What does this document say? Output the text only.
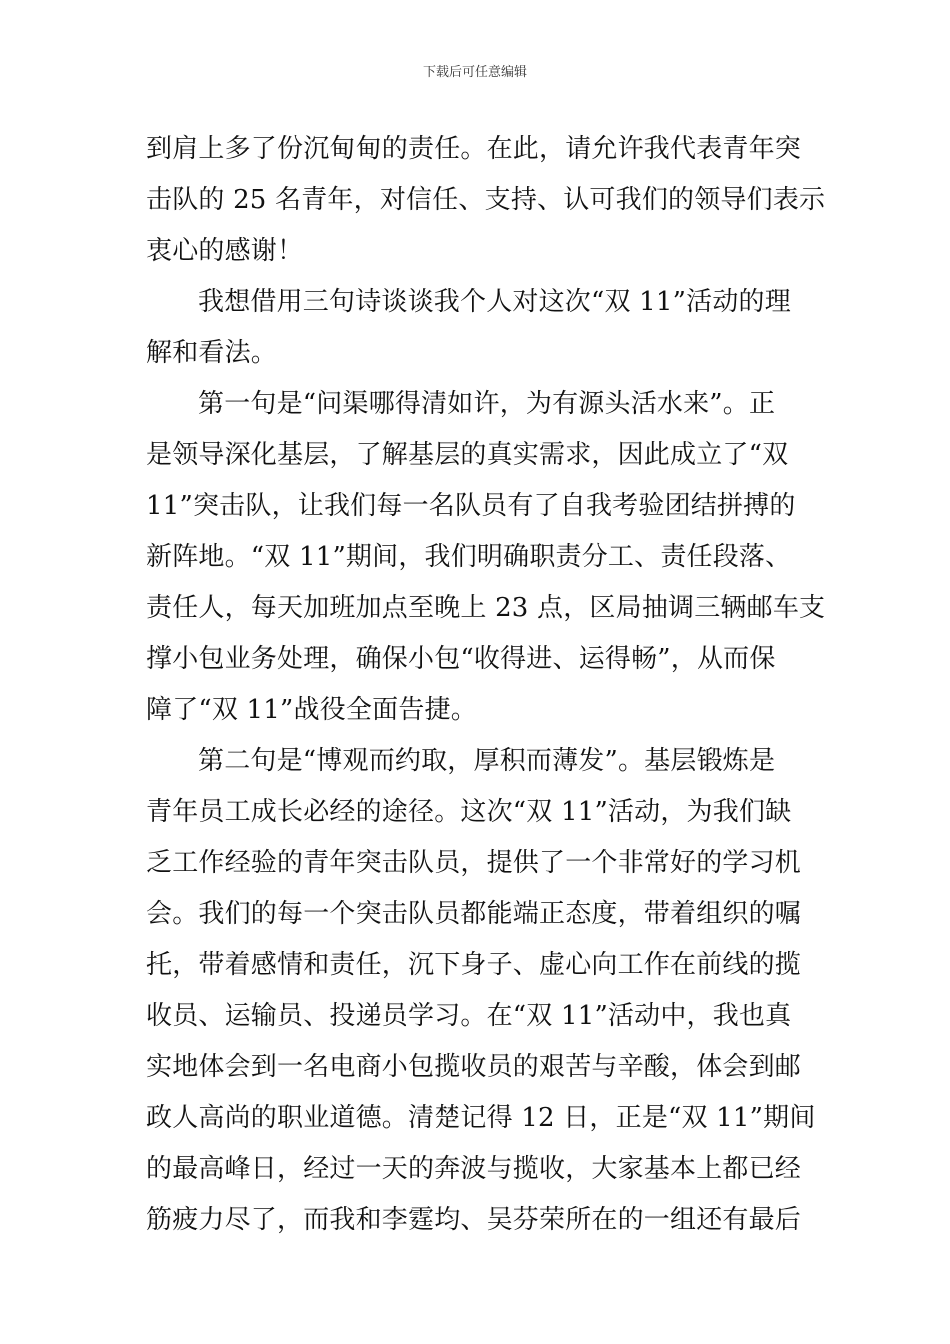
下载后可任意编辑
到肩上多了份沉甸甸的责任。在此，请允许我代表青年突
击队的 25 名青年，对信任、支持、认可我们的领导们表示
衷心的感谢！
我想借用三句诗谈谈我个人对这次“双 11”活动的理
解和看法。
第一句是“问渠哪得清如许，为有源头活水来”。正
是领导深化基层，了解基层的真实需求，因此成立了“双
11”突击队，让我们每一名队员有了自我考验团结拼搏的
新阵地。“双 11”期间，我们明确职责分工、责任段落、
责任人，每天加班加点至晚上 23 点，区局抽调三辆邮车支
撑小包业务处理，确保小包“收得进、运得畅”，从而保
障了“双 11”战役全面告捷。
第二句是“博观而约取，厚积而薄发”。基层锻炼是
青年员工成长必经的途径。这次“双 11”活动，为我们缺
乏工作经验的青年突击队员，提供了一个非常好的学习机
会。我们的每一个突击队员都能端正态度，带着组织的嘱
托，带着感情和责任，沉下身子、虚心向工作在前线的揽
收员、运输员、投递员学习。在“双 11”活动中，我也真
实地体会到一名电商小包揽收员的艰苦与辛酸，体会到邮
政人高尚的职业道德。清楚记得 12 日，正是“双 11”期间
的最高峰日，经过一天的奔波与揽收，大家基本上都已经
筋疲力尽了，而我和李霆均、吴芬荣所在的一组还有最后
